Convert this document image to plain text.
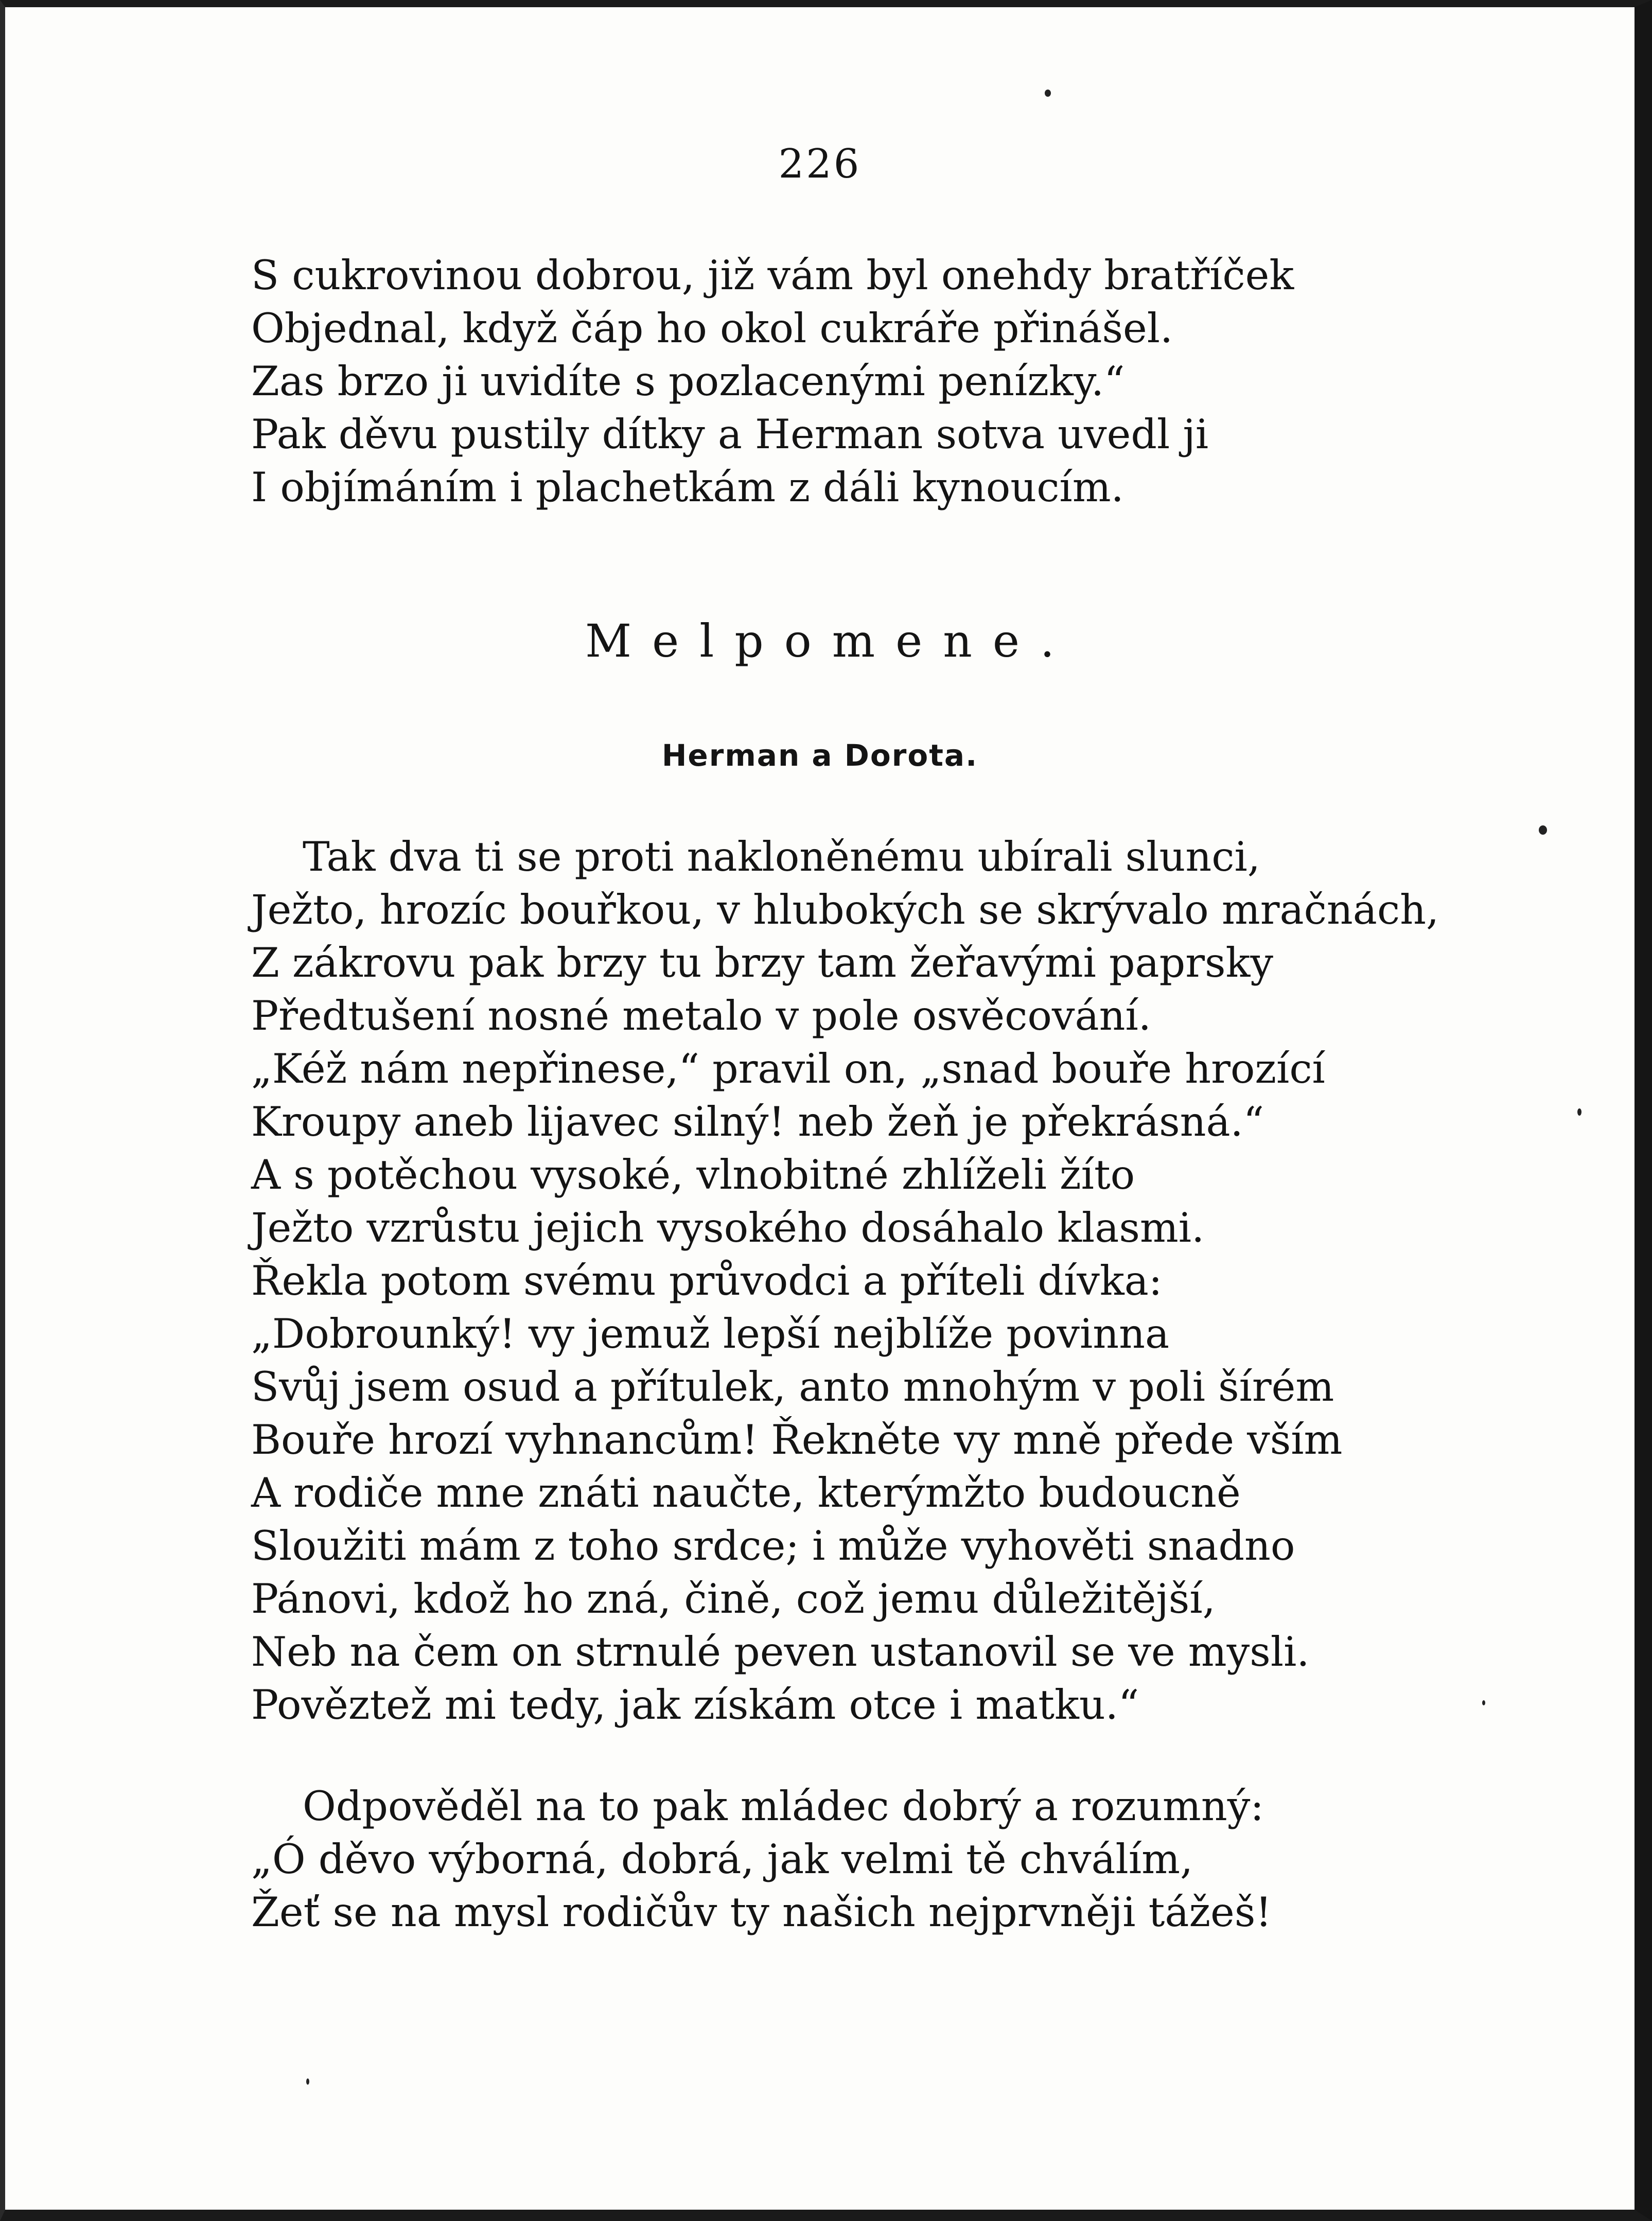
226
S cukrovinou dobrou, již vám byl onehdy bratříček
Objednal, když čáp ho okol cukráře přinášel.
Zas brzo ji uvidíte s pozlacenými penízky.“
Pak děvu pustily dítky a Herman sotva uvedl ji
I objímáním i plachetkám z dáli kynoucím.
Melpomene.
Herman a Dorota.
Tak dva ti se proti nakloněnému ubírali slunci,
Ježto, hrozíc bouřkou, v hlubokých se skrývalo mračnách,
Z zákrovu pak brzy tu brzy tam žeřavými paprsky
Předtušení nosné metalo v pole osvěcování.
„Kéž nám nepřinese,“ pravil on, „snad bouře hrozící
Kroupy aneb lijavec silný! neb žeň je překrásná.“
A s potěchou vysoké, vlnobitné zhlíželi žíto
Ježto vzrůstu jejich vysokého dosáhalo klasmi.
Řekla potom svému průvodci a příteli dívka:
„Dobrounký! vy jemuž lepší nejblíže povinna
Svůj jsem osud a přítulek, anto mnohým v poli šírém
Bouře hrozí vyhnancům! Řekněte vy mně přede vším
A rodiče mne znáti naučte, kterýmžto budoucně
Sloužiti mám z toho srdce; i může vyhověti snadno
Pánovi, kdož ho zná, čině, což jemu důležitější,
Neb na čem on strnulé peven ustanovil se ve mysli.
Pověztež mi tedy, jak získám otce i matku.“
Odpověděl na to pak mládec dobrý a rozumný:
„Ó děvo výborná, dobrá, jak velmi tě chválím,
Žeť se na mysl rodičův ty našich nejprvněji tážeš!
